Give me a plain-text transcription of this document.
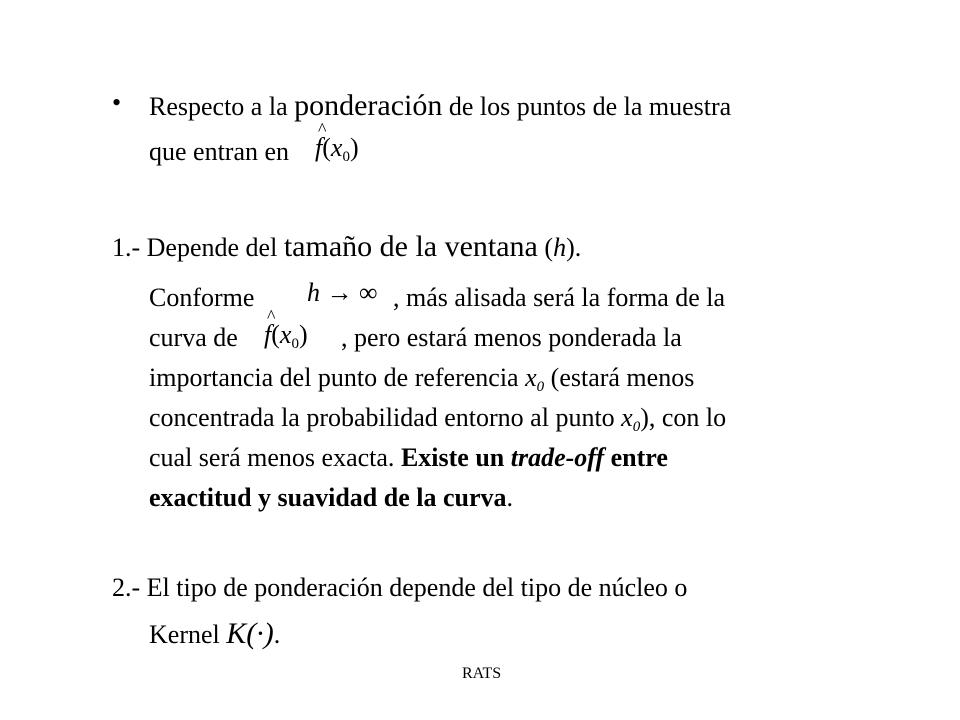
• Respecto a la ponderación de los puntos de la muestra
que entran en ^ $f(x_0)$
1.- Depende del tamaño de la ventana (h).
Conforme h → ∞ , más alisada será la forma de la
curva de ^ $f(x_0)$ , pero estará menos ponderada la
importancia del punto de referencia $x_0$ (estará menos
concentrada la probabilidad entorno al punto $x_0$), con lo
cual será menos exacta. Existe un trade-off entre
exactitud y suavidad de la curva.
2.- El tipo de ponderación depende del tipo de núcleo o
Kernel K(·).
RATS
